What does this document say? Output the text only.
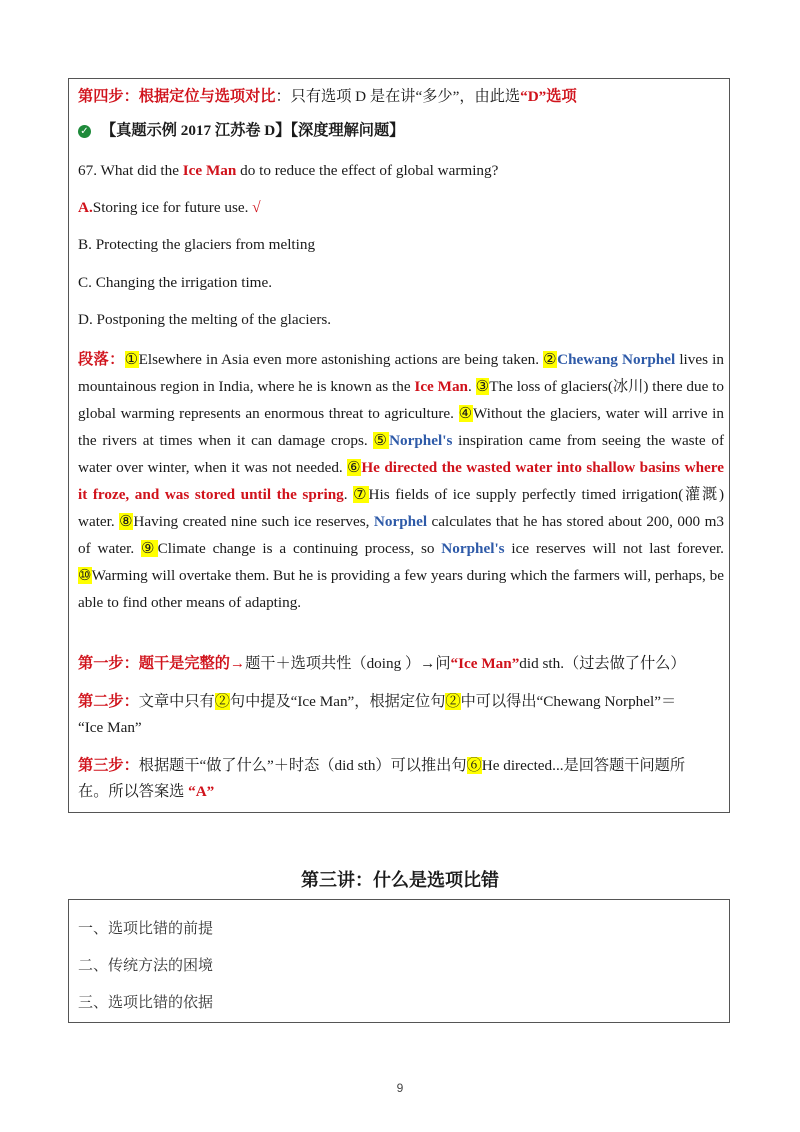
第四步：根据定位与选项对比：只有选项 D 是在讲“多少”，由此选“D”选项
✓ 【真题示例 2017 江苏卷 D】【深度理解问题】
67. What did the Ice Man do to reduce the effect of global warming?
A.Storing ice for future use. √
B. Protecting the glaciers from melting
C. Changing the irrigation time.
D. Postponing the melting of the glaciers.
段落：①Elsewhere in Asia even more astonishing actions are being taken. ②Chewang Norphel lives in mountainous region in India, where he is known as the Ice Man. ③The loss of glaciers(冰川) there due to global warming represents an enormous threat to agriculture. ④Without the glaciers, water will arrive in the rivers at times when it can damage crops. ⑤Norphel's inspiration came from seeing the waste of water over winter, when it was not needed. ⑥He directed the wasted water into shallow basins where it froze, and was stored until the spring. ⑦His fields of ice supply perfectly timed irrigation(灌溉) water. ⑧Having created nine such ice reserves, Norphel calculates that he has stored about 200, 000 m3 of water. ⑨Climate change is a continuing process, so Norphel's ice reserves will not last forever. ⑩Warming will overtake them. But he is providing a few years during which the farmers will, perhaps, be able to find other means of adapting.
第一步：题干是完整的→题干＋选项共性（doing ）→问“Ice Man”did sth.（过去做了什么）
第二步：文章中只有②句中提及“Ice Man”，根据定位句②中可以得出“Chewang Norphel”＝
“Ice Man”
第三步：根据题干“做了什么”＋时态（did sth）可以推出句⑥He directed...是回答题干问题所
在。所以答案选 “A”
第三讲：什么是选项比错
一、选项比错的前提
二、传统方法的困境
三、选项比错的依据
9
